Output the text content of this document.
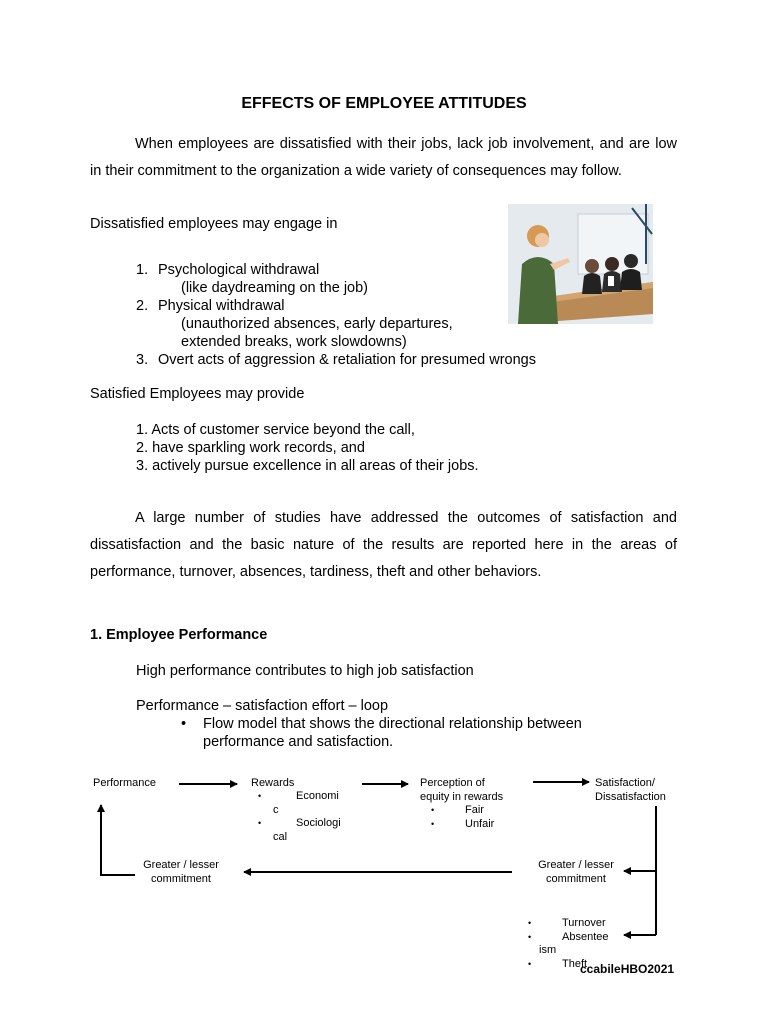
EFFECTS OF EMPLOYEE ATTITUDES
When employees are dissatisfied with their jobs, lack job involvement, and are low in their commitment to the organization a wide variety of consequences may follow.
Dissatisfied employees may engage in
1. Psychological withdrawal
(like daydreaming on the job)
2. Physical withdrawal
(unauthorized absences, early departures,
extended breaks, work slowdowns)
3. Overt acts of aggression & retaliation for presumed wrongs
Satisfied Employees may provide
1. Acts of customer service beyond the call,
2. have sparkling work records, and
3. actively pursue excellence in all areas of their jobs.
A large number of studies have addressed the outcomes of satisfaction and dissatisfaction and the basic nature of the results are reported here in the areas of performance, turnover, absences, tardiness, theft and other behaviors.
1. Employee Performance
High performance contributes to high job satisfaction
Performance – satisfaction effort – loop
• Flow model that shows the directional relationship between
performance and satisfaction.
Performance	Rewards
•	Economi
c
•	Sociologi
cal
Perception of
equity in rewards
•	Fair
•	Unfair
Satisfaction/
Dissatisfaction
Greater / lesser
commitment
Greater / lesser
commitment
•	Turnover
•	Absentee
ism
•	Theft
ccabileHBO2021
